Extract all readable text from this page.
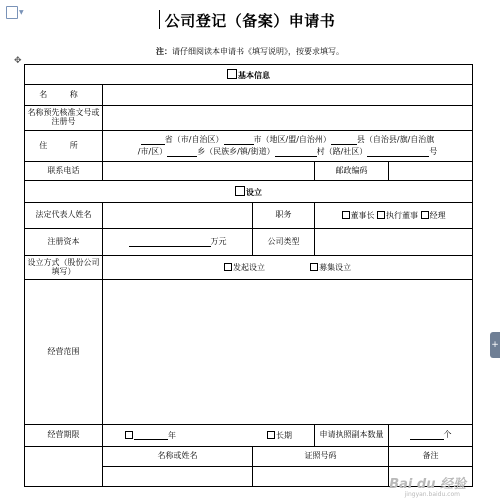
▼	公司登记（备案）申请书
注：请仔细阅读本申请书《填写说明》，按要求填写。
✥
+
基本信息				
名 称				
名称预先核准文号或注册号				
住 所	省（市/自治区） 市（地区/盟/自治州） 县（自治县/旗/自治旗
/市/区） 乡（民族乡/镇/街道） 村（路/社区） 号			

联系电话			邮政编码	
设立				
法定代表人姓名		职务	董事长 执行董事 经理	
注册资本	万元	公司类型		
设立方式（股份公司填写）	发起设立 募集设立			
经营范围				
经营期限	年 长期		申请执照副本数量	个
	名称或姓名	证照号码		备注

Bai du 经验
jingyan.baidu.com
